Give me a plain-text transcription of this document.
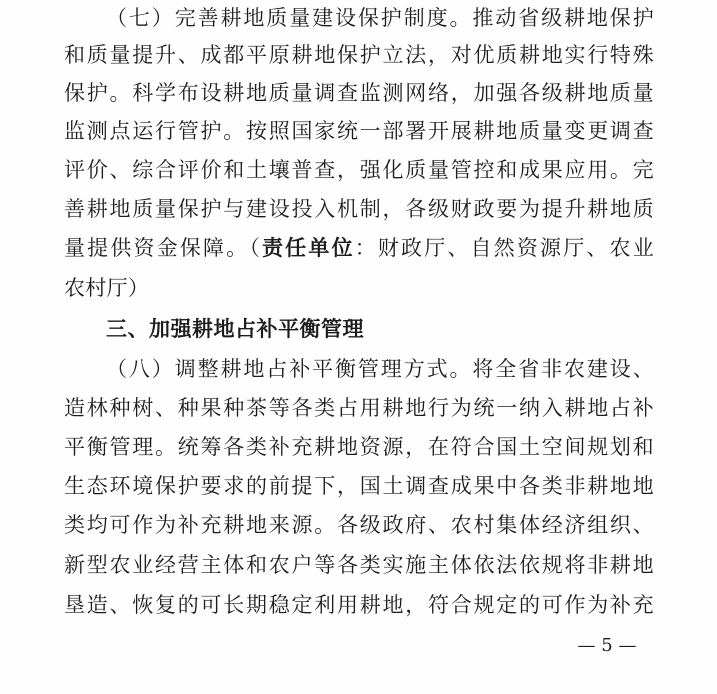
（七）完善耕地质量建设保护制度。推动省级耕地保护
和质量提升、成都平原耕地保护立法，对优质耕地实行特殊
保护。科学布设耕地质量调查监测网络，加强各级耕地质量
监测点运行管护。按照国家统一部署开展耕地质量变更调查
评价、综合评价和土壤普查，强化质量管控和成果应用。完
善耕地质量保护与建设投入机制，各级财政要为提升耕地质
量提供资金保障。（责任单位：财政厅、自然资源厅、农业
农村厅）
三、加强耕地占补平衡管理
（八）调整耕地占补平衡管理方式。将全省非农建设、
造林种树、种果种茶等各类占用耕地行为统一纳入耕地占补
平衡管理。统筹各类补充耕地资源，在符合国土空间规划和
生态环境保护要求的前提下，国土调查成果中各类非耕地地
类均可作为补充耕地来源。各级政府、农村集体经济组织、
新型农业经营主体和农户等各类实施主体依法依规将非耕地
垦造、恢复的可长期稳定利用耕地，符合规定的可作为补充
— 5 —
